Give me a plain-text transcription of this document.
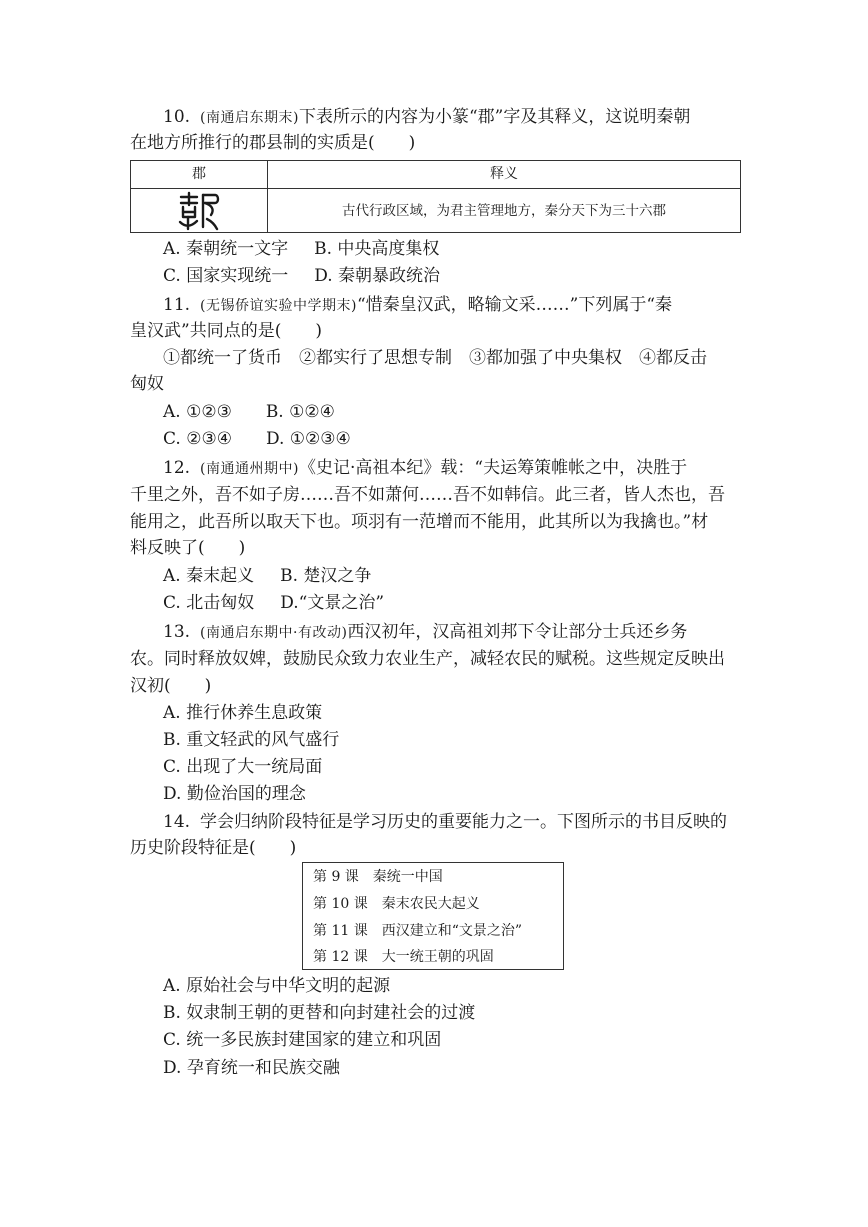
10. (南通启东期末)下表所示的内容为小篆“郡”字及其释义，这说明秦朝
在地方所推行的郡县制的实质是(　　)
郡	释义
古代行政区域，为君主管理地方，秦分天下为三十六郡
A. 秦朝统一文字 B. 中央高度集权
C. 国家实现统一 D. 秦朝暴政统治
11. (无锡侨谊实验中学期末)“惜秦皇汉武，略输文采……”下列属于“秦
皇汉武”共同点的是(　　)
①都统一了货币　②都实行了思想专制　③都加强了中央集权　④都反击
匈奴
A. ①②③ B. ①②④
C. ②③④ D. ①②③④
12. (南通通州期中)《史记·高祖本纪》载：“夫运筹策帷帐之中，决胜于
千里之外，吾不如子房……吾不如萧何……吾不如韩信。此三者，皆人杰也，吾
能用之，此吾所以取天下也。项羽有一范增而不能用，此其所以为我擒也。”材
料反映了(　　)
A. 秦末起义 B. 楚汉之争
C. 北击匈奴 D.“文景之治”
13. (南通启东期中·有改动)西汉初年，汉高祖刘邦下令让部分士兵还乡务
农。同时释放奴婢，鼓励民众致力农业生产，减轻农民的赋税。这些规定反映出
汉初(　　)
A. 推行休养生息政策
B. 重文轻武的风气盛行
C. 出现了大一统局面
D. 勤俭治国的理念
14. 学会归纳阶段特征是学习历史的重要能力之一。下图所示的书目反映的
历史阶段特征是(　　)
第 9 课　秦统一中国
第 10 课　秦末农民大起义
第 11 课　西汉建立和“文景之治”
第 12 课　大一统王朝的巩固
A. 原始社会与中华文明的起源
B. 奴隶制王朝的更替和向封建社会的过渡
C. 统一多民族封建国家的建立和巩固
D. 孕育统一和民族交融
